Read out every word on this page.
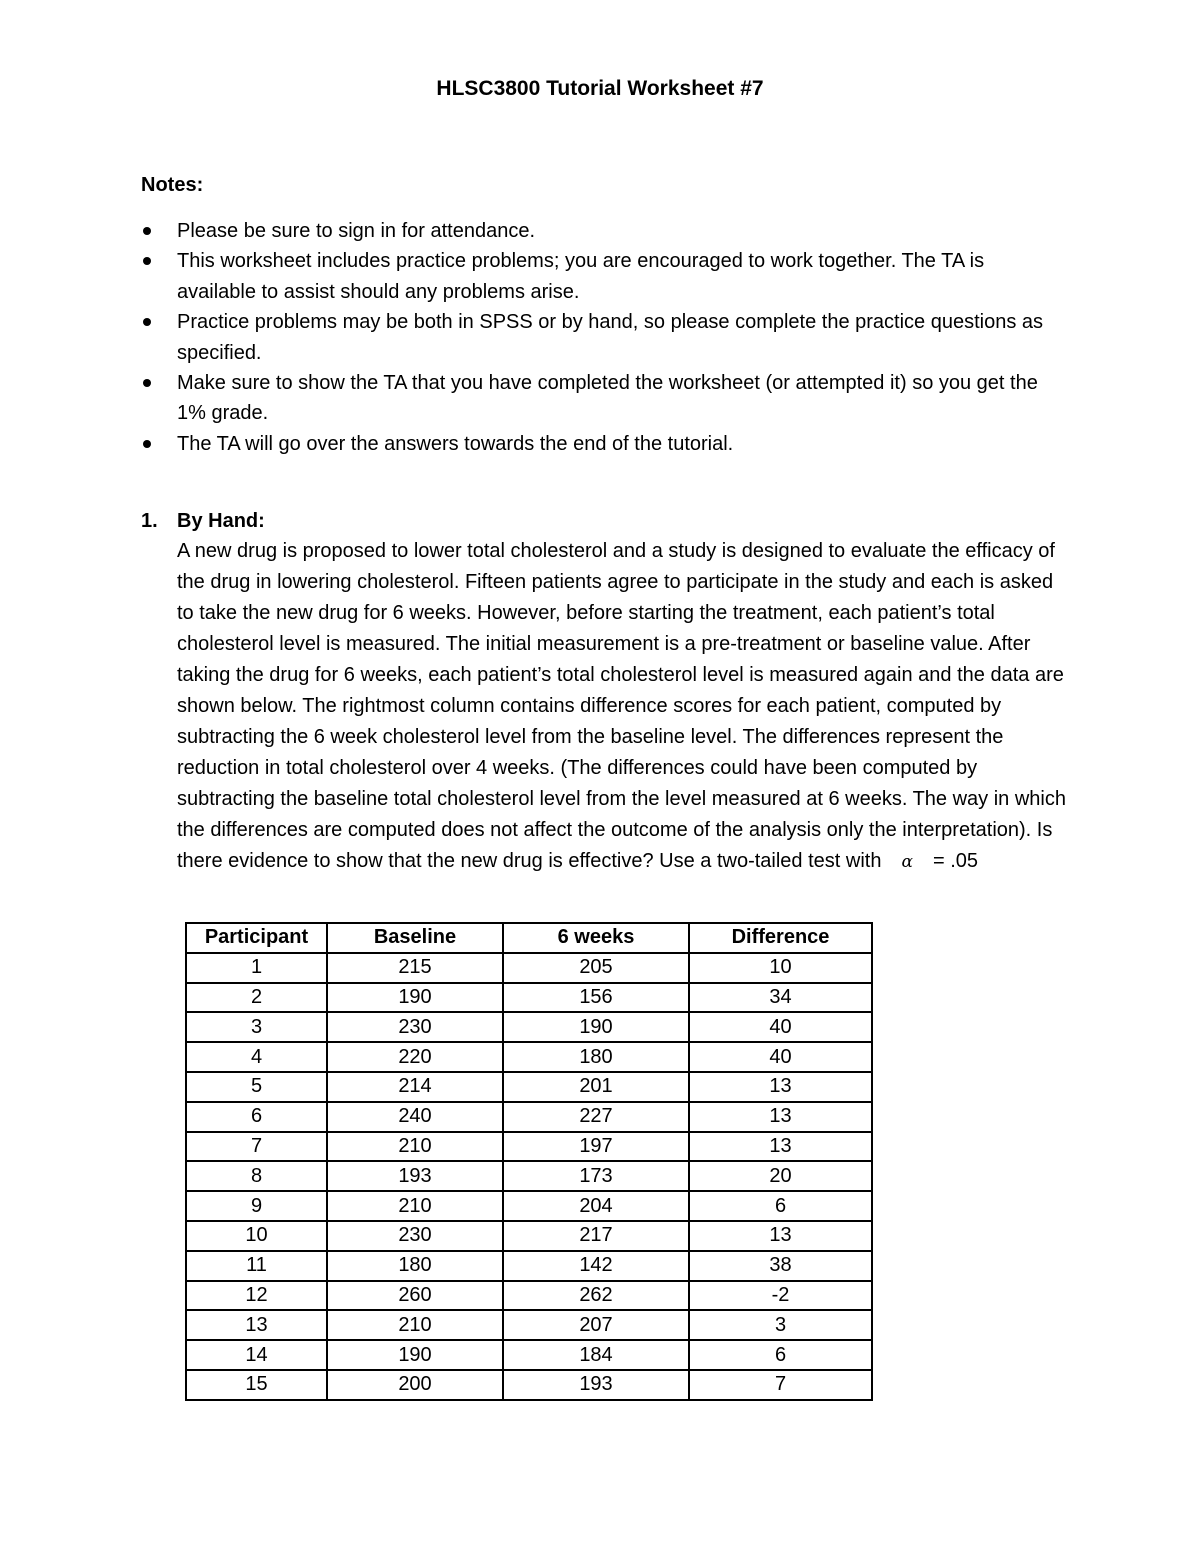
HLSC3800 Tutorial Worksheet #7
Notes:
Please be sure to sign in for attendance.
This worksheet includes practice problems; you are encouraged to work together. The TA is available to assist should any problems arise.
Practice problems may be both in SPSS or by hand, so please complete the practice questions as specified.
Make sure to show the TA that you have completed the worksheet (or attempted it) so you get the 1% grade.
The TA will go over the answers towards the end of the tutorial.
1. By Hand:

A new drug is proposed to lower total cholesterol and a study is designed to evaluate the efficacy of the drug in lowering cholesterol. Fifteen patients agree to participate in the study and each is asked to take the new drug for 6 weeks. However, before starting the treatment, each patient’s total cholesterol level is measured. The initial measurement is a pre-treatment or baseline value. After taking the drug for 6 weeks, each patient’s total cholesterol level is measured again and the data are shown below. The rightmost column contains difference scores for each patient, computed by subtracting the 6 week cholesterol level from the baseline level. The differences represent the reduction in total cholesterol over 4 weeks. (The differences could have been computed by subtracting the baseline total cholesterol level from the level measured at 6 weeks. The way in which the differences are computed does not affect the outcome of the analysis only the interpretation). Is there evidence to show that the new drug is effective? Use a two-tailed test with α = .05

Participant	Baseline	6 weeks	Difference
1	215	205	10
2	190	156	34
3	230	190	40
4	220	180	40
5	214	201	13
6	240	227	13
7	210	197	13
8	193	173	20
9	210	204	6
10	230	217	13
11	180	142	38
12	260	262	-2
13	210	207	3
14	190	184	6
15	200	193	7
